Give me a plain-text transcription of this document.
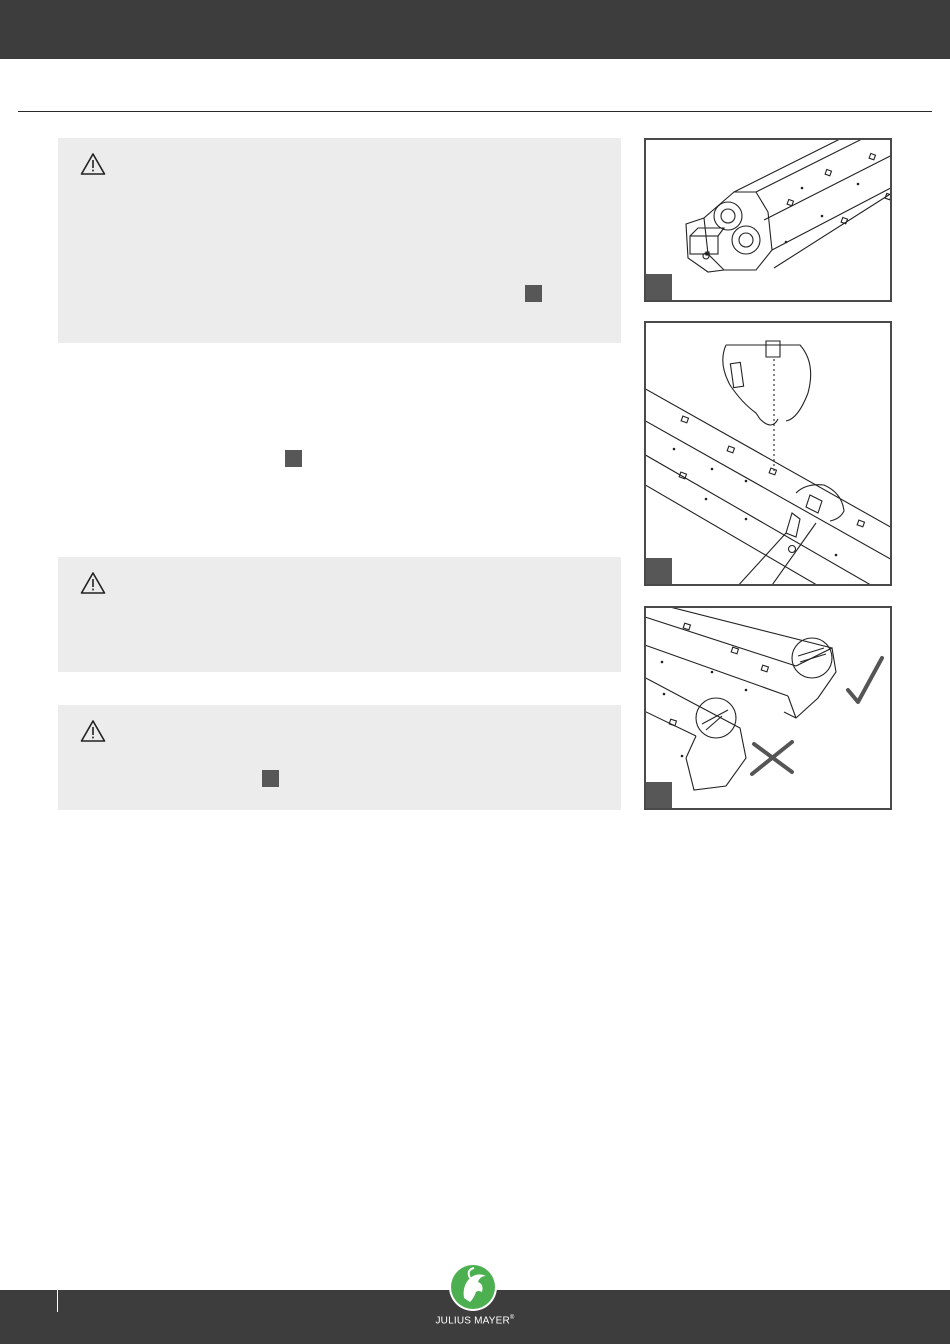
JULIUS MAYER®
